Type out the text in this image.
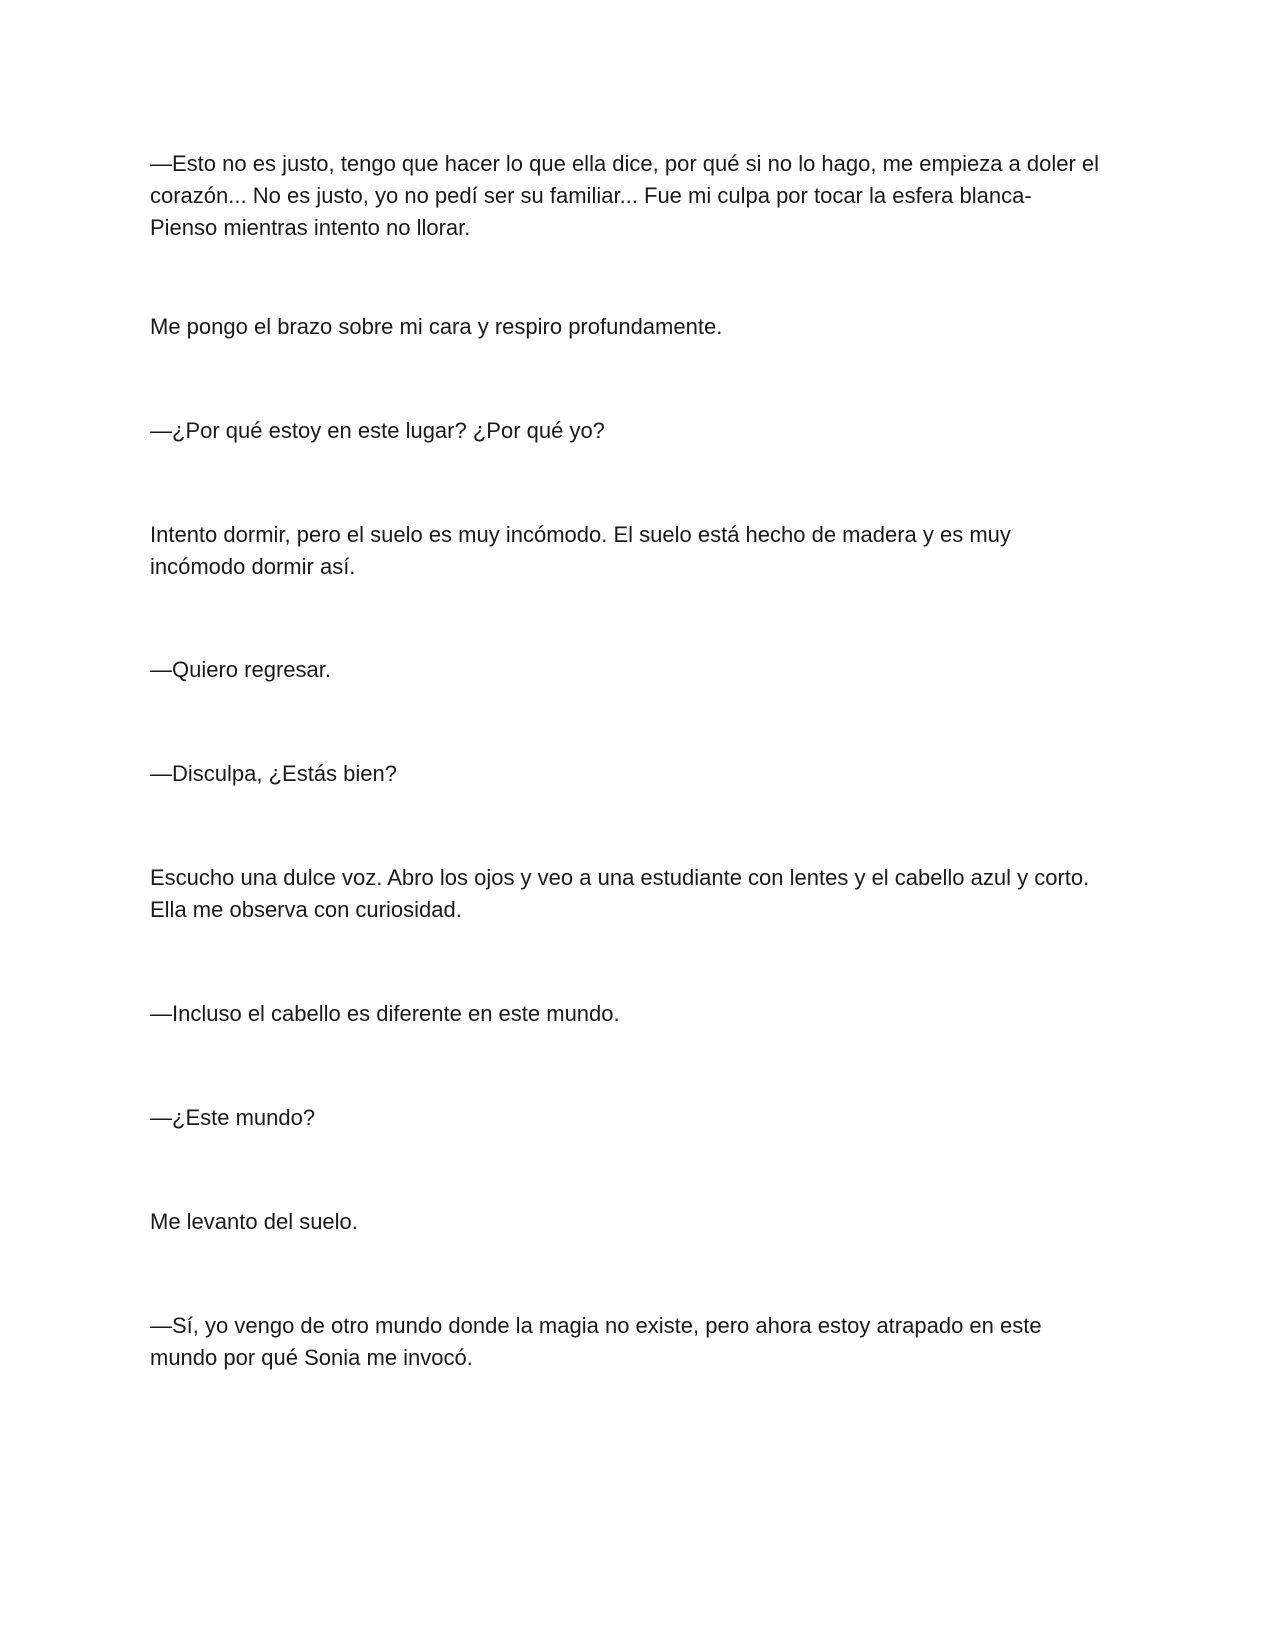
—Esto no es justo, tengo que hacer lo que ella dice, por qué si no lo hago, me empieza a doler el
corazón... No es justo, yo no pedí ser su familiar... Fue mi culpa por tocar la esfera blanca-
Pienso mientras intento no llorar.

Me pongo el brazo sobre mi cara y respiro profundamente.

—¿Por qué estoy en este lugar? ¿Por qué yo?

Intento dormir, pero el suelo es muy incómodo. El suelo está hecho de madera y es muy
incómodo dormir así.

—Quiero regresar.

—Disculpa, ¿Estás bien?

Escucho una dulce voz. Abro los ojos y veo a una estudiante con lentes y el cabello azul y corto.
Ella me observa con curiosidad.

—Incluso el cabello es diferente en este mundo.

—¿Este mundo?

Me levanto del suelo.

—Sí, yo vengo de otro mundo donde la magia no existe, pero ahora estoy atrapado en este
mundo por qué Sonia me invocó.
